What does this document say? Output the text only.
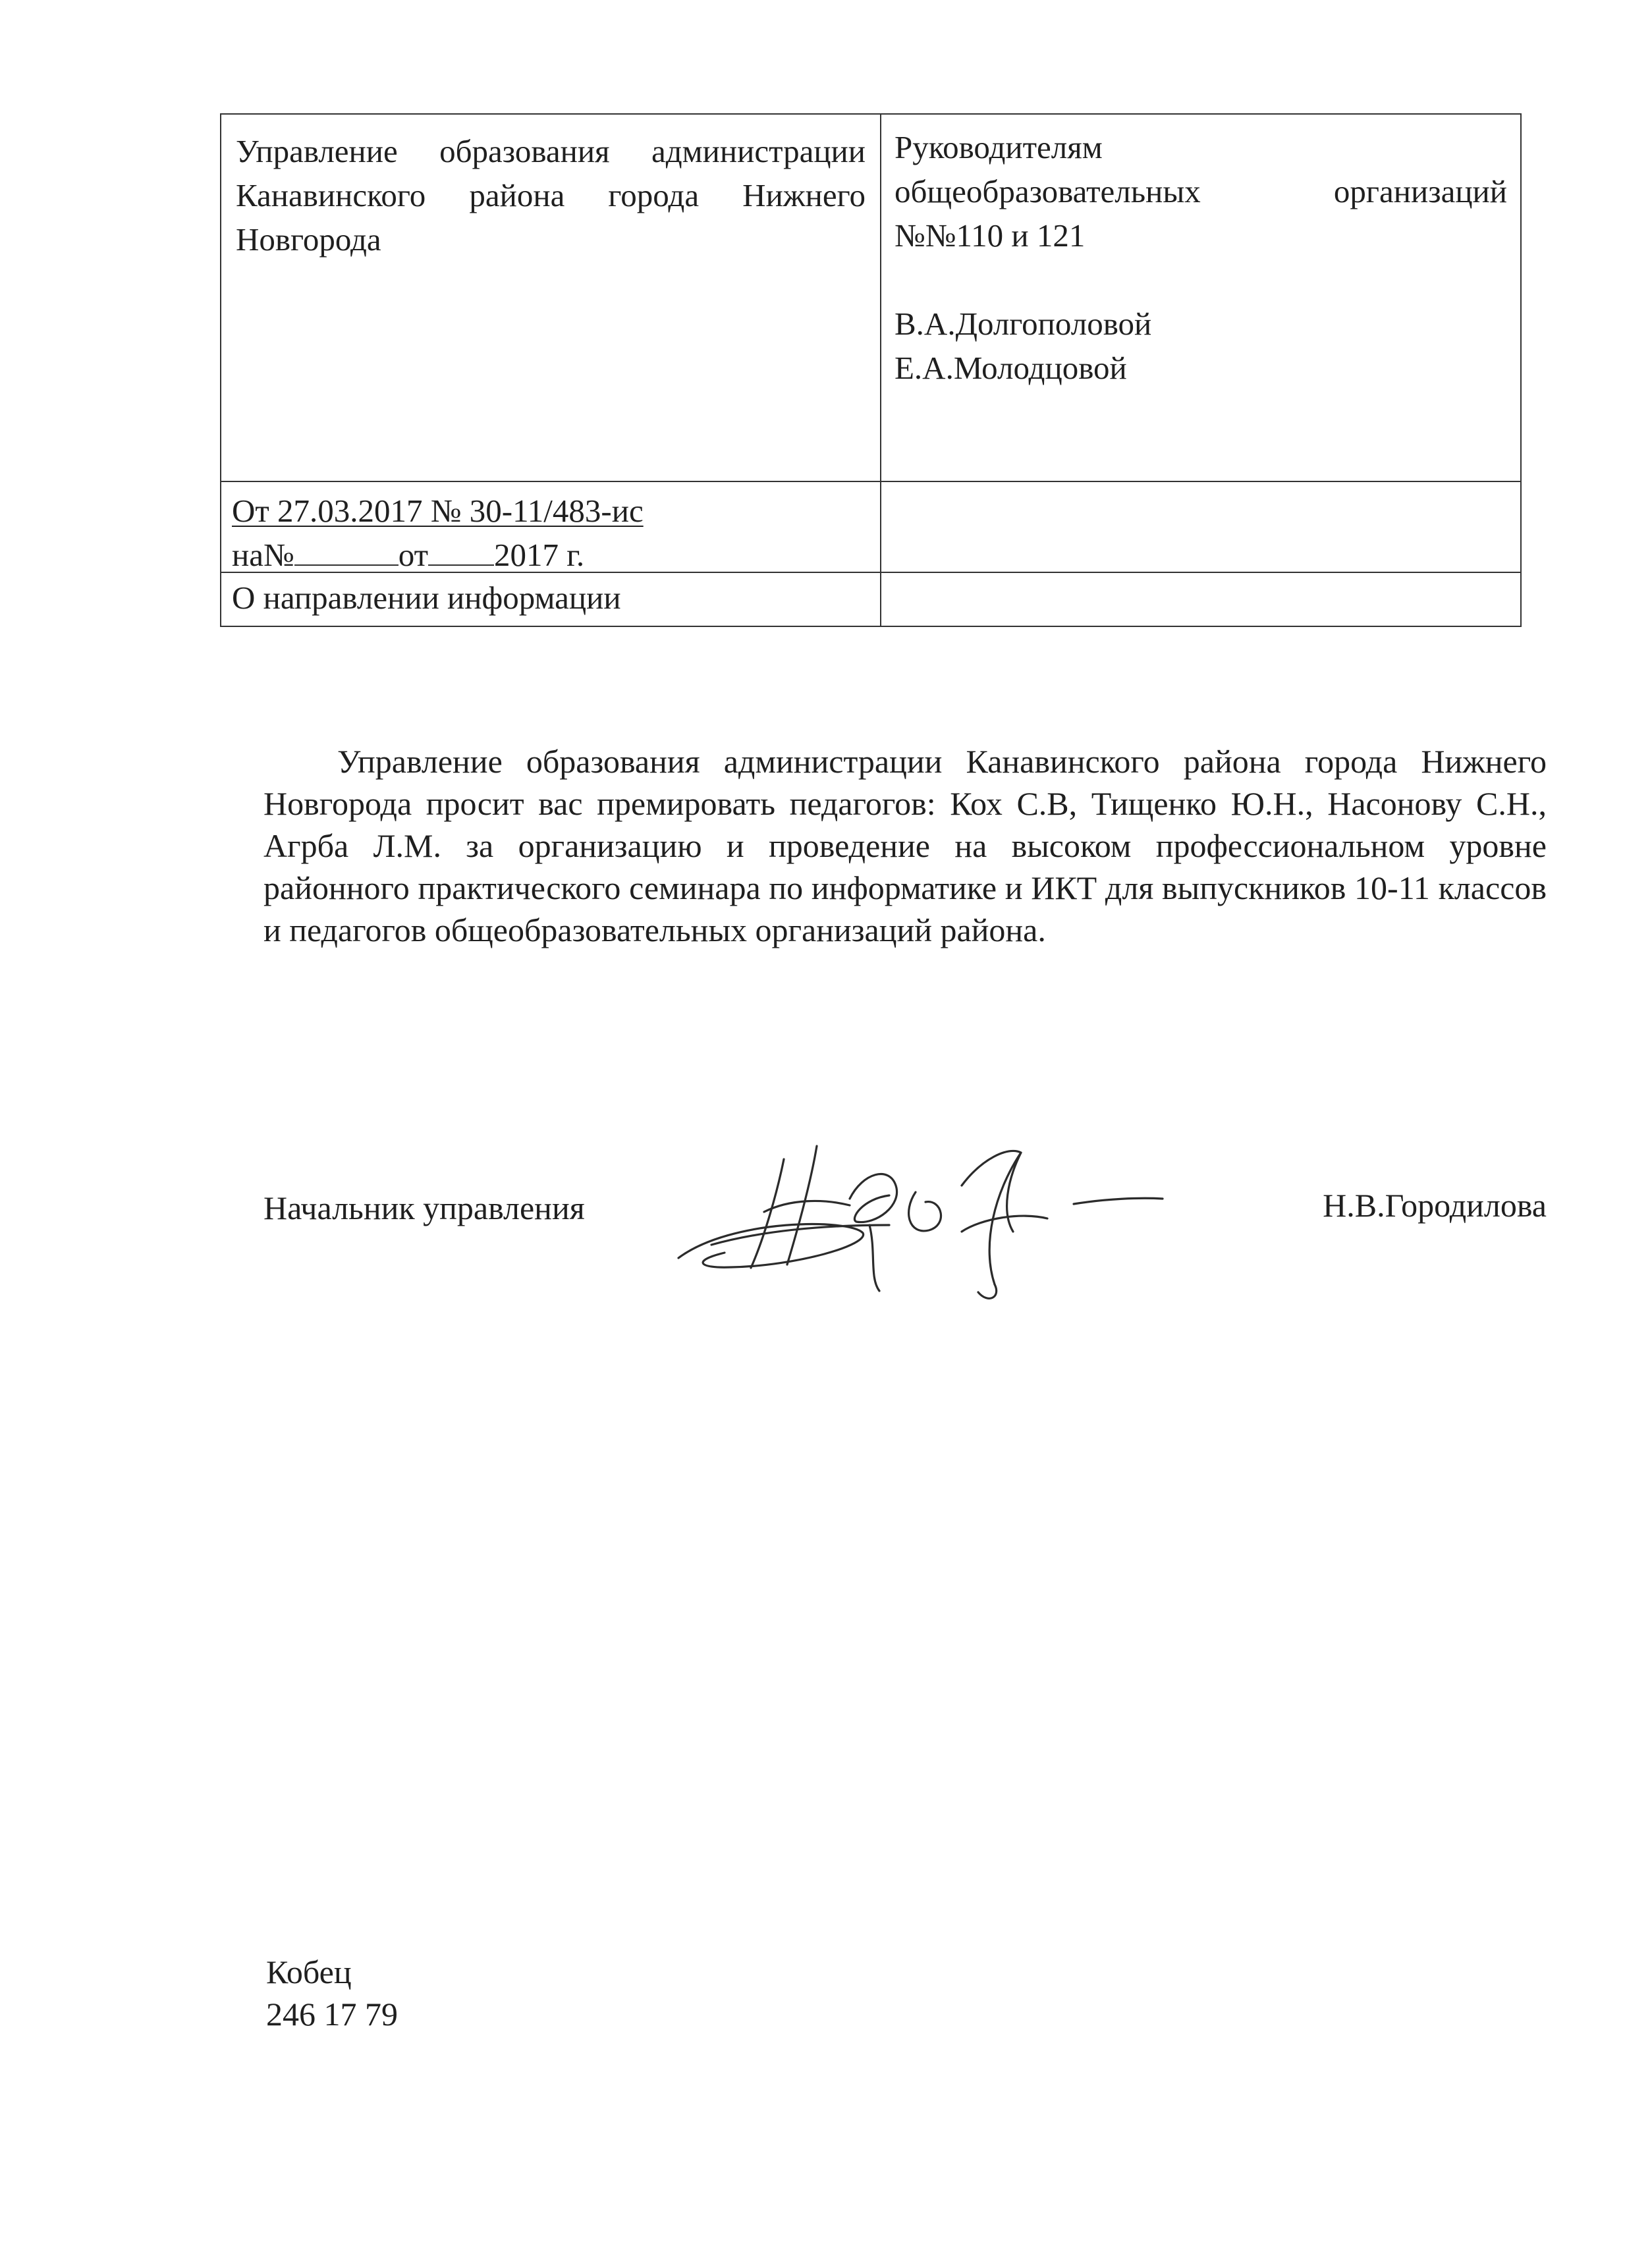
Управление образования администрации Канавинского района города Нижнего Новгорода
Руководителям
общеобразовательных организаций
№№110 и 121
В.А.Долгополовой
Е.А.Молодцовой
От 27.03.2017 № 30-11/483-ис
на№	от 2017 г.
О направлении информации
Управление образования администрации Канавинского района города Нижнего Новгорода просит вас премировать педагогов: Кох С.В, Тищенко Ю.Н., Насонову С.Н., Агрба Л.М. за организацию и проведение на высоком профессиональном уровне районного практического семинара по информатике и ИКТ для выпускников 10-11 классов и педагогов общеобразовательных организаций района.
Начальник управления	Н.В.Городилова
Кобец
246 17 79
